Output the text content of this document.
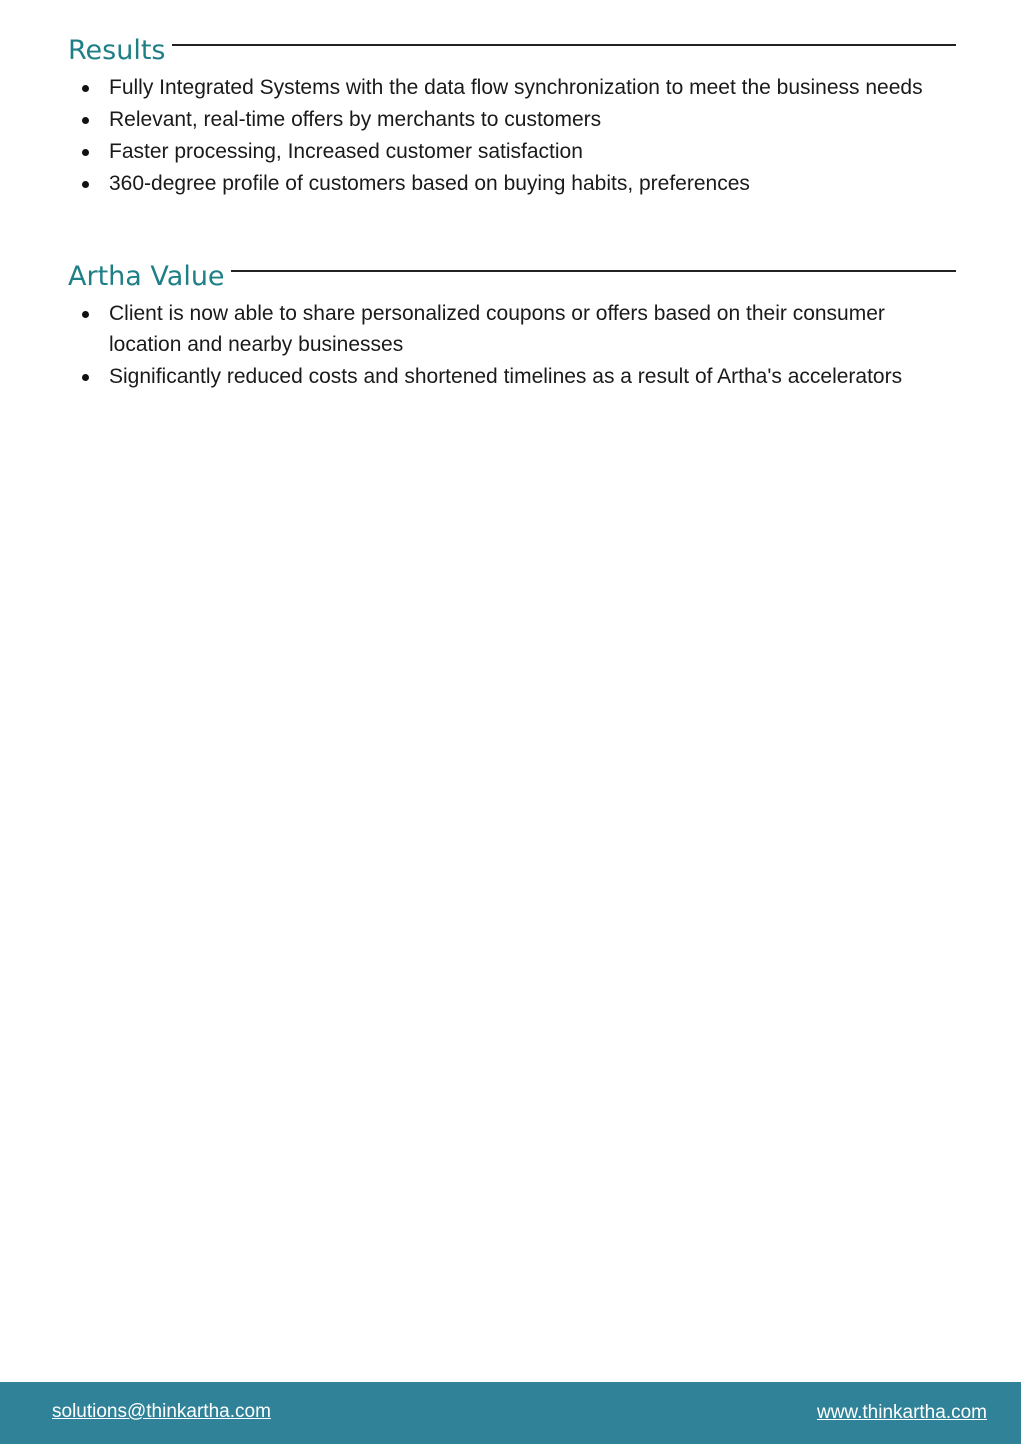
Results
Fully Integrated Systems with the data flow synchronization to meet the business needs
Relevant, real-time offers by merchants to customers
Faster processing, Increased customer satisfaction
360-degree profile of customers based on buying habits, preferences
Artha Value
Client is now able to share personalized coupons or offers based on their consumer location and nearby businesses
Significantly reduced costs and shortened timelines as a result of Artha's accelerators
solutions@thinkartha.com	www.thinkartha.com
